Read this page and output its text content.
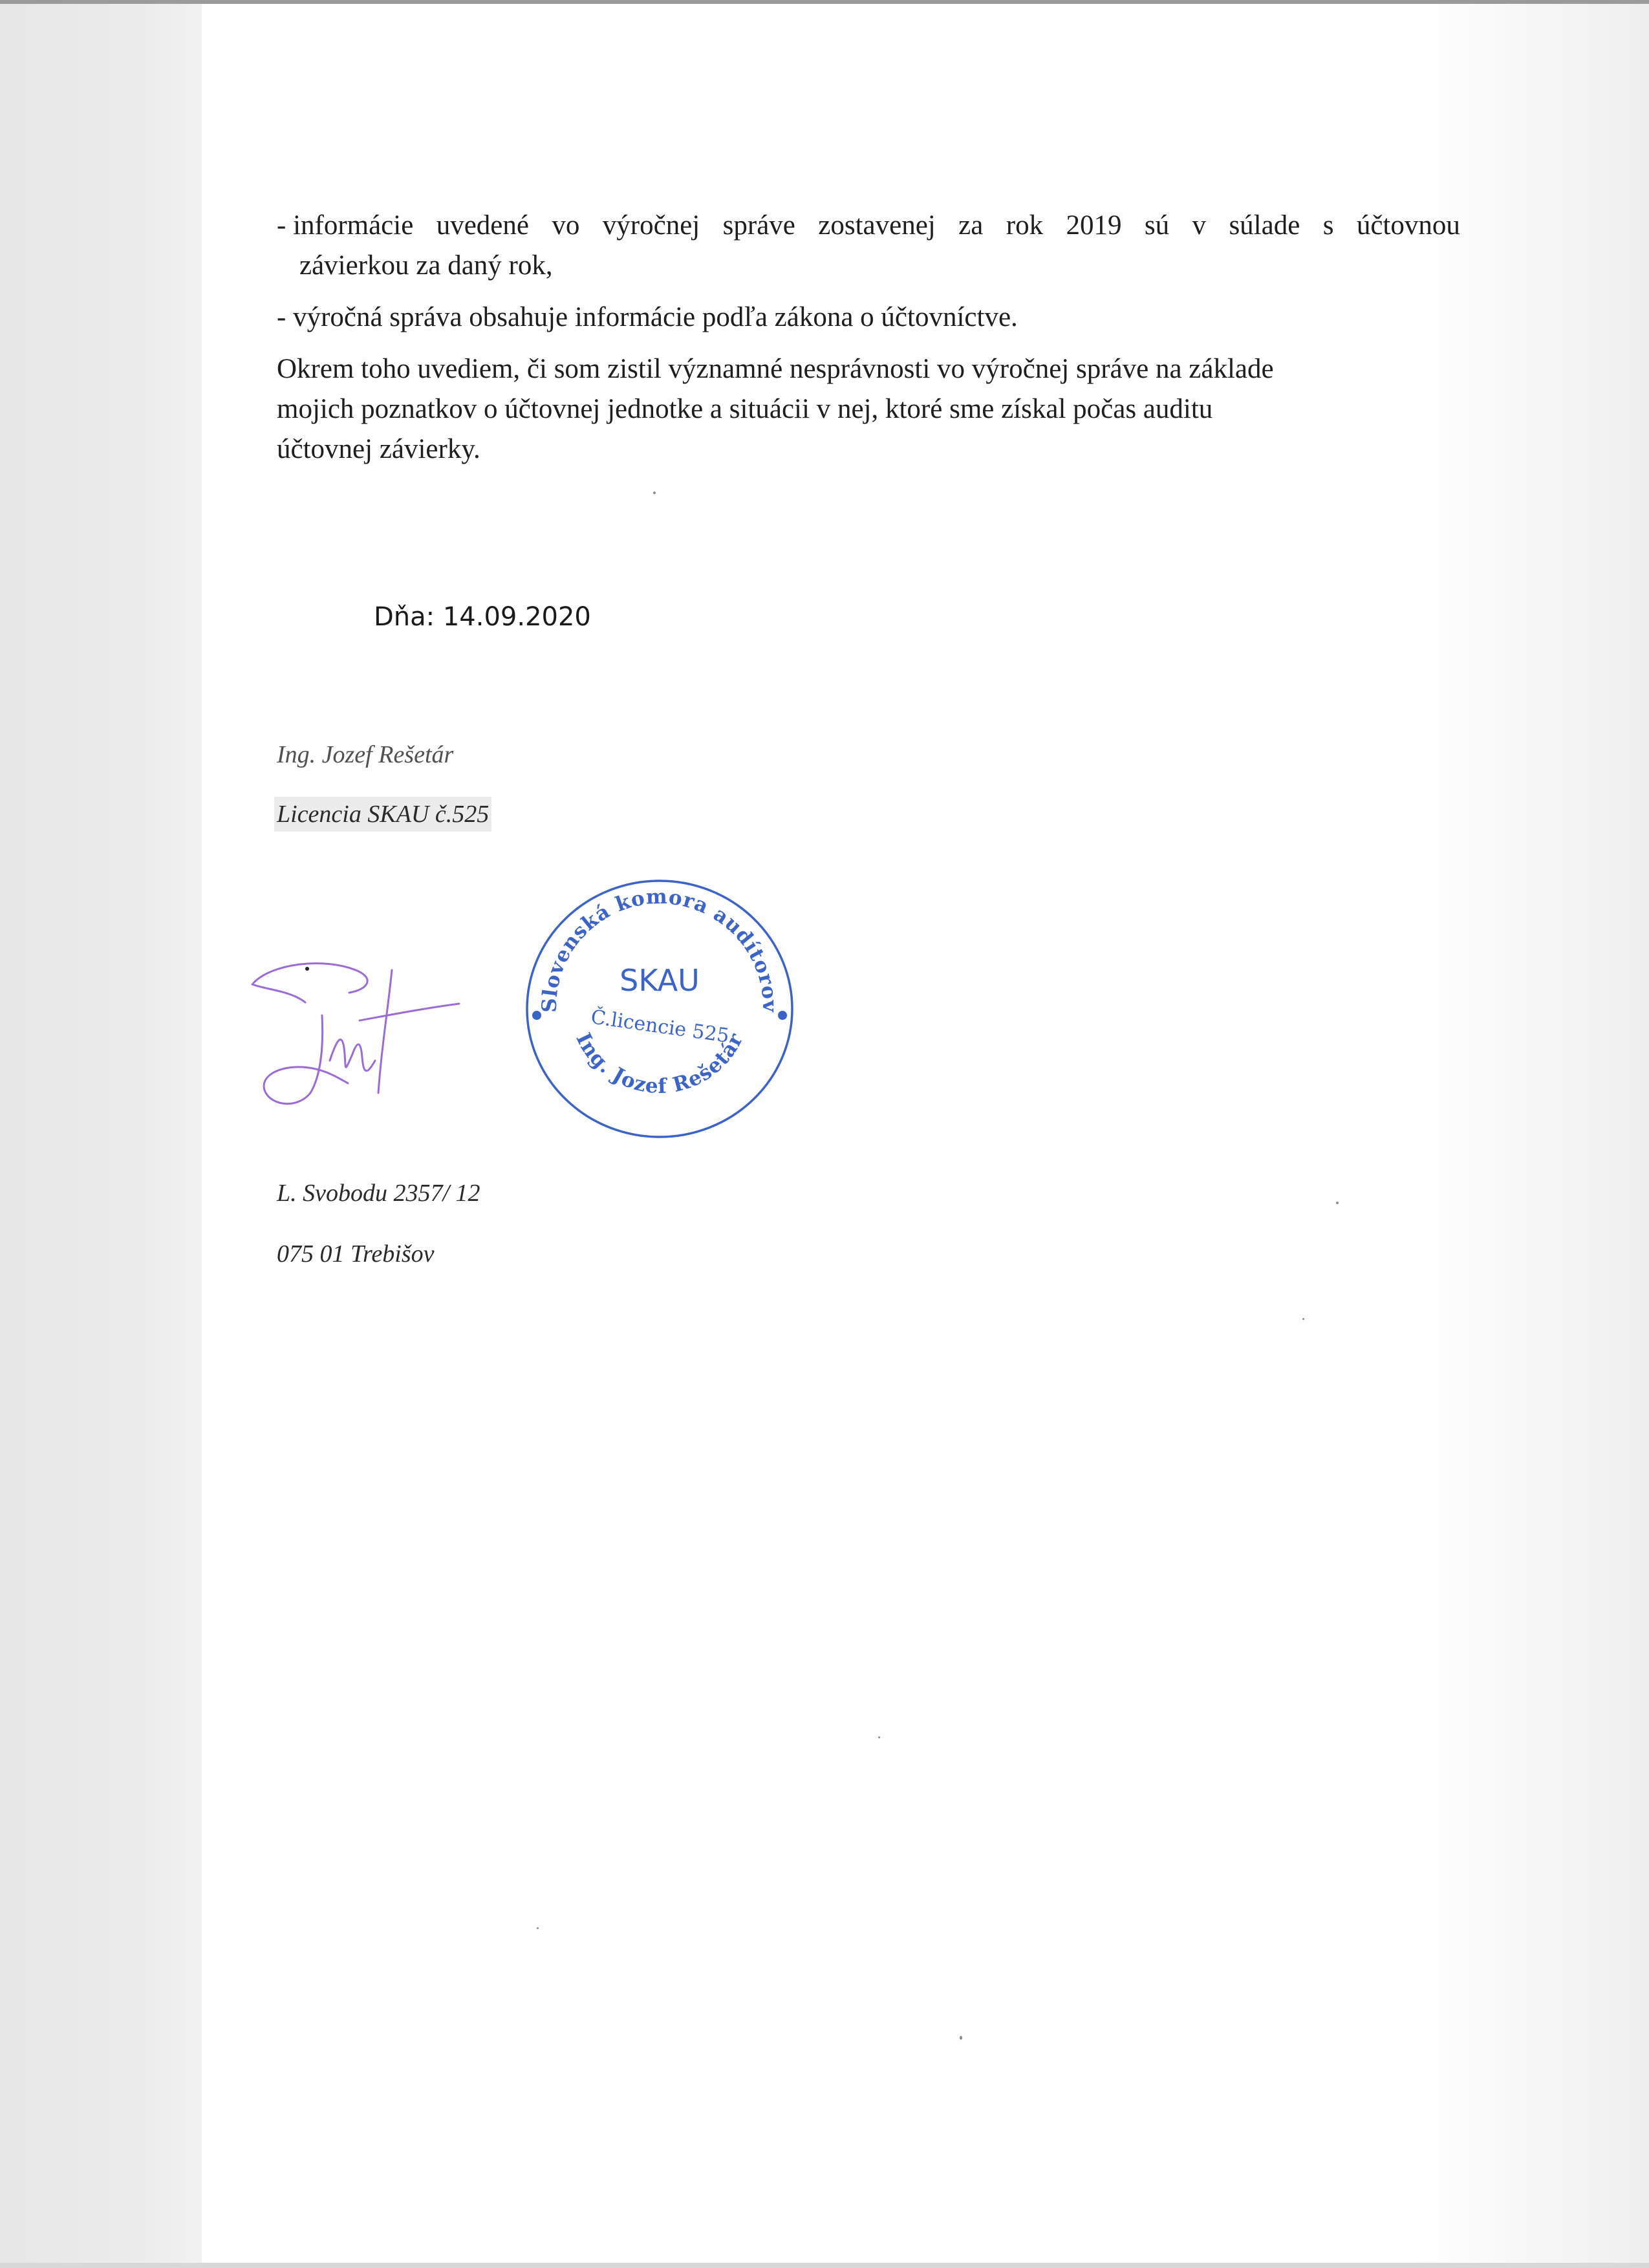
- informácie uvedené vo výročnej správe zostavenej za rok 2019 sú v súlade s účtovnou
závierkou za daný rok,
- výročná správa obsahuje informácie podľa zákona o účtovníctve.
Okrem toho uvediem, či som zistil významné nesprávnosti vo výročnej správe na základe
mojich poznatkov o účtovnej jednotke a situácii v nej, ktoré sme získal počas auditu
účtovnej závierky.
Dňa: 14.09.2020
Ing. Jozef Rešetár
Licencia SKAU č.525
Slovenská komora audítorov
Ing. Jozef Rešetár
SKAU
Č.licencie 525
L. Svobodu 2357/ 12
075 01 Trebišov
